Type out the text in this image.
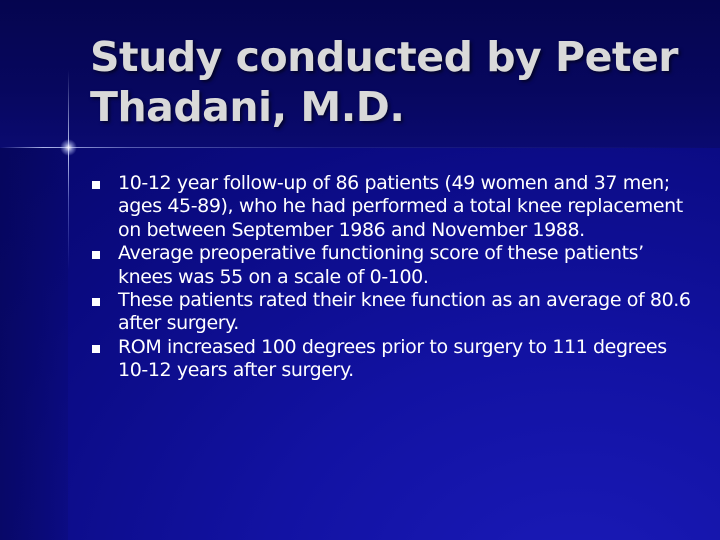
Study conducted by Peter Thadani, M.D.
10-12 year follow-up of 86 patients (49 women and 37 men; ages 45-89), who he had performed a total knee replacement on between September 1986 and November 1988.
Average preoperative functioning score of these patients’ knees was 55 on a scale of 0-100.
These patients rated their knee function as an average of 80.6 after surgery.
ROM increased 100 degrees prior to surgery to 111 degrees 10-12 years after surgery.
